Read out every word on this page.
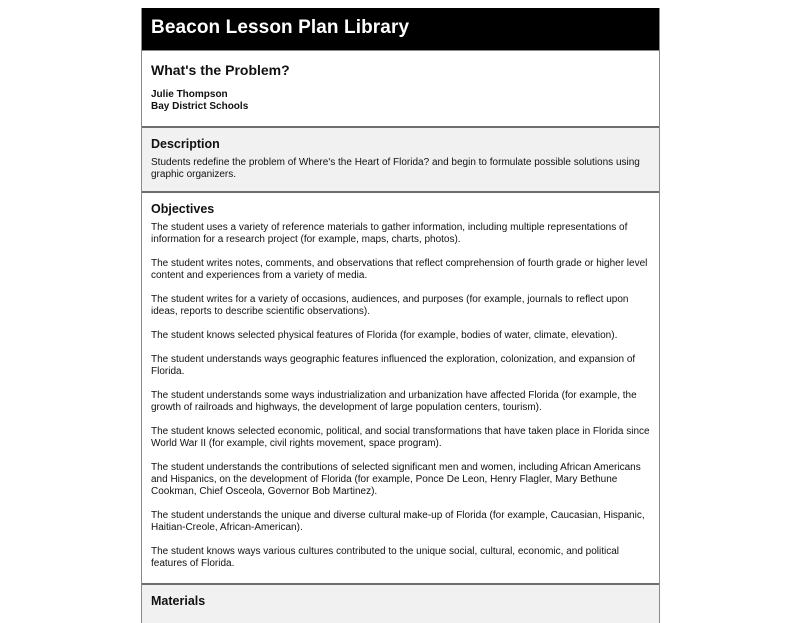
Beacon Lesson Plan Library
What's the Problem?
Julie Thompson
Bay District Schools
Description

Students redefine the problem of Where's the Heart of Florida? and begin to formulate possible solutions using graphic organizers.

Objectives
The student uses a variety of reference materials to gather information, including multiple representations of information for a research project (for example, maps, charts, photos).
The student writes notes, comments, and observations that reflect comprehension of fourth grade or higher level content and experiences from a variety of media.
The student writes for a variety of occasions, audiences, and purposes (for example, journals to reflect upon ideas, reports to describe scientific observations).
The student knows selected physical features of Florida (for example, bodies of water, climate, elevation).
The student understands ways geographic features influenced the exploration, colonization, and expansion of Florida.
The student understands some ways industrialization and urbanization have affected Florida (for example, the growth of railroads and highways, the development of large population centers, tourism).
The student knows selected economic, political, and social transformations that have taken place in Florida since World War II (for example, civil rights movement, space program).
The student understands the contributions of selected significant men and women, including African Americans and Hispanics, on the development of Florida (for example, Ponce De Leon, Henry Flagler, Mary Bethune Cookman, Chief Osceola, Governor Bob Martinez).
The student understands the unique and diverse cultural make-up of Florida (for example, Caucasian, Hispanic, Haitian-Creole, African-American).
The student knows ways various cultures contributed to the unique social, cultural, economic, and political features of Florida.
Materials
